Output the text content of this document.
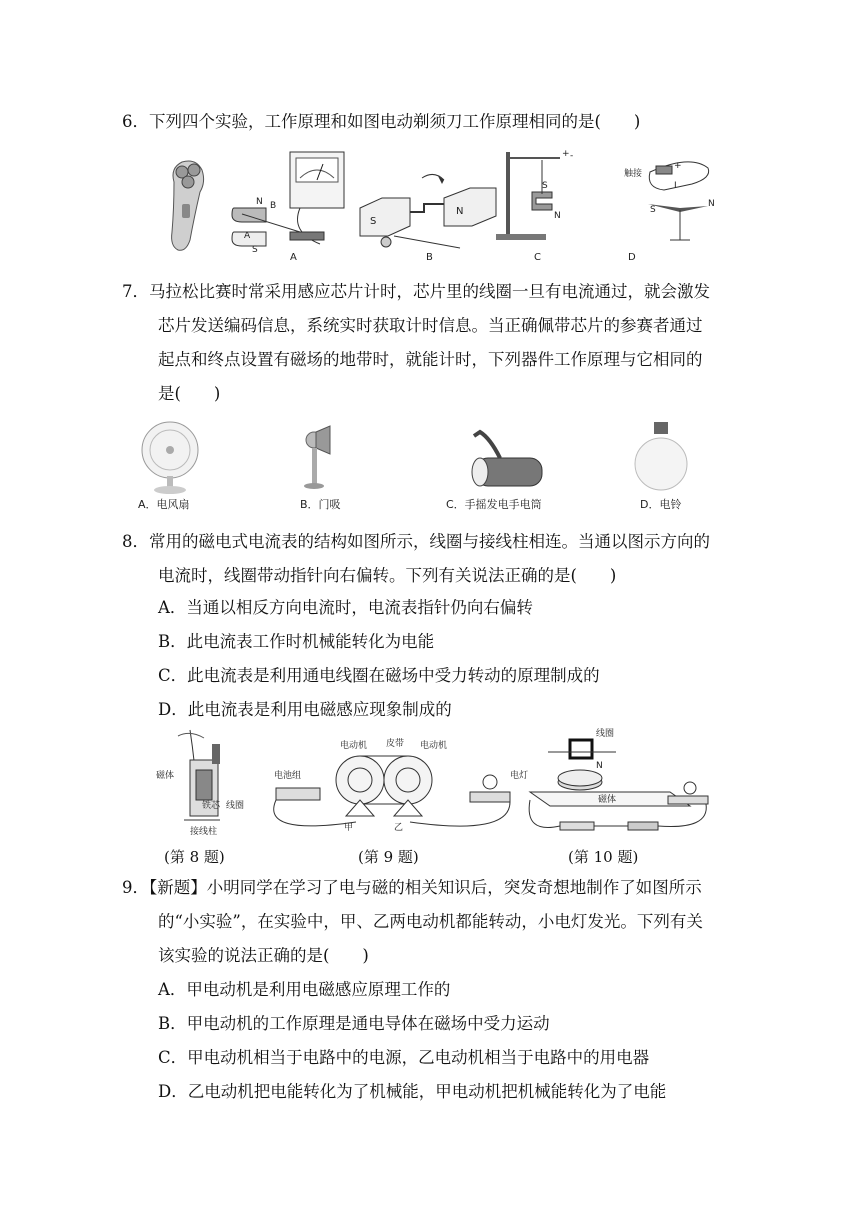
6．下列四个实验，工作原理和如图电动剃须刀工作原理相同的是(　　)
N
S
B
A
A
S
N
B
S
N
+ -
C
触接
+
I
S
N
D
7．马拉松比赛时常采用感应芯片计时，芯片里的线圈一旦有电流通过，就会激发
芯片发送编码信息，系统实时获取计时信息。当正确佩带芯片的参赛者通过
起点和终点设置有磁场的地带时，就能计时，下列器件工作原理与它相同的
是(　　)
A．电风扇	B．门吸	C．手摇发电手电筒	D．电铃
8．常用的磁电式电流表的结构如图所示，线圈与接线柱相连。当通以图示方向的
电流时，线圈带动指针向右偏转。下列有关说法正确的是(　　)
A．当通以相反方向电流时，电流表指针仍向右偏转
B．此电流表工作时机械能转化为电能
C．此电流表是利用通电线圈在磁场中受力转动的原理制成的
D．此电流表是利用电磁感应现象制成的
磁体
铁芯 线圈
接线柱
电动机 皮带 电动机
甲	乙
电池组	电灯
线圈
N
磁体
(第 8 题)	(第 9 题)	(第 10 题)
9．【新题】小明同学在学习了电与磁的相关知识后，突发奇想地制作了如图所示
的“小实验”，在实验中，甲、乙两电动机都能转动，小电灯发光。下列有关
该实验的说法正确的是(　　)
A．甲电动机是利用电磁感应原理工作的
B．甲电动机的工作原理是通电导体在磁场中受力运动
C．甲电动机相当于电路中的电源，乙电动机相当于电路中的用电器
D．乙电动机把电能转化为了机械能，甲电动机把机械能转化为了电能
